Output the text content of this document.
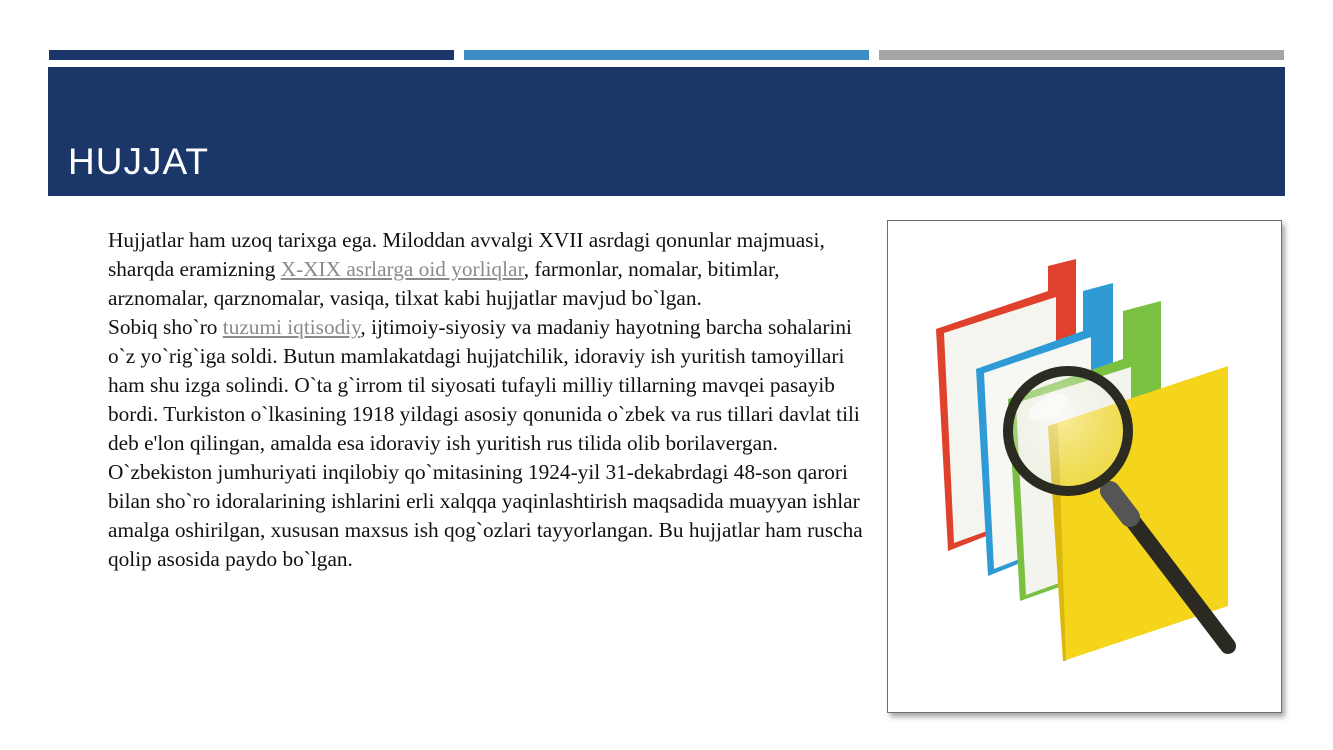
HUJJAT

Hujjatlar ham uzoq tarixga ega. Miloddan avvalgi XVII asrdagi qonunlar majmuasi, sharqda eramizning X-XIX asrlarga oid yorliqlar, farmonlar, nomalar, bitimlar, arznomalar, qarznomalar, vasiqa, tilxat kabi hujjatlar mavjud bo`lgan.

Sobiq sho`ro tuzumi iqtisodiy, ijtimoiy-siyosiy va madaniy hayotning barcha sohalarini o`z yo`rig`iga soldi. Butun mamlakatdagi hujjatchilik, idoraviy ish yuritish tamoyillari ham shu izga solindi. O`ta g`irrom til siyosati tufayli milliy tillarning mavqei pasayib bordi. Turkiston o`lkasining 1918 yildagi asosiy qonunida o`zbek va rus tillari davlat tili deb e'lon qilingan, amalda esa idoraviy ish yuritish rus tilida olib borilavergan.

O`zbekiston jumhuriyati inqilobiy qo`mitasining 1924-yil 31-dekabrdagi 48-son qarori bilan sho`ro idoralarining ishlarini erli xalqqa yaqinlashtirish maqsadida muayyan ishlar amalga oshirilgan, xususan maxsus ish qog`ozlari tayyorlangan. Bu hujjatlar ham ruscha qolip asosida paydo bo`lgan.
